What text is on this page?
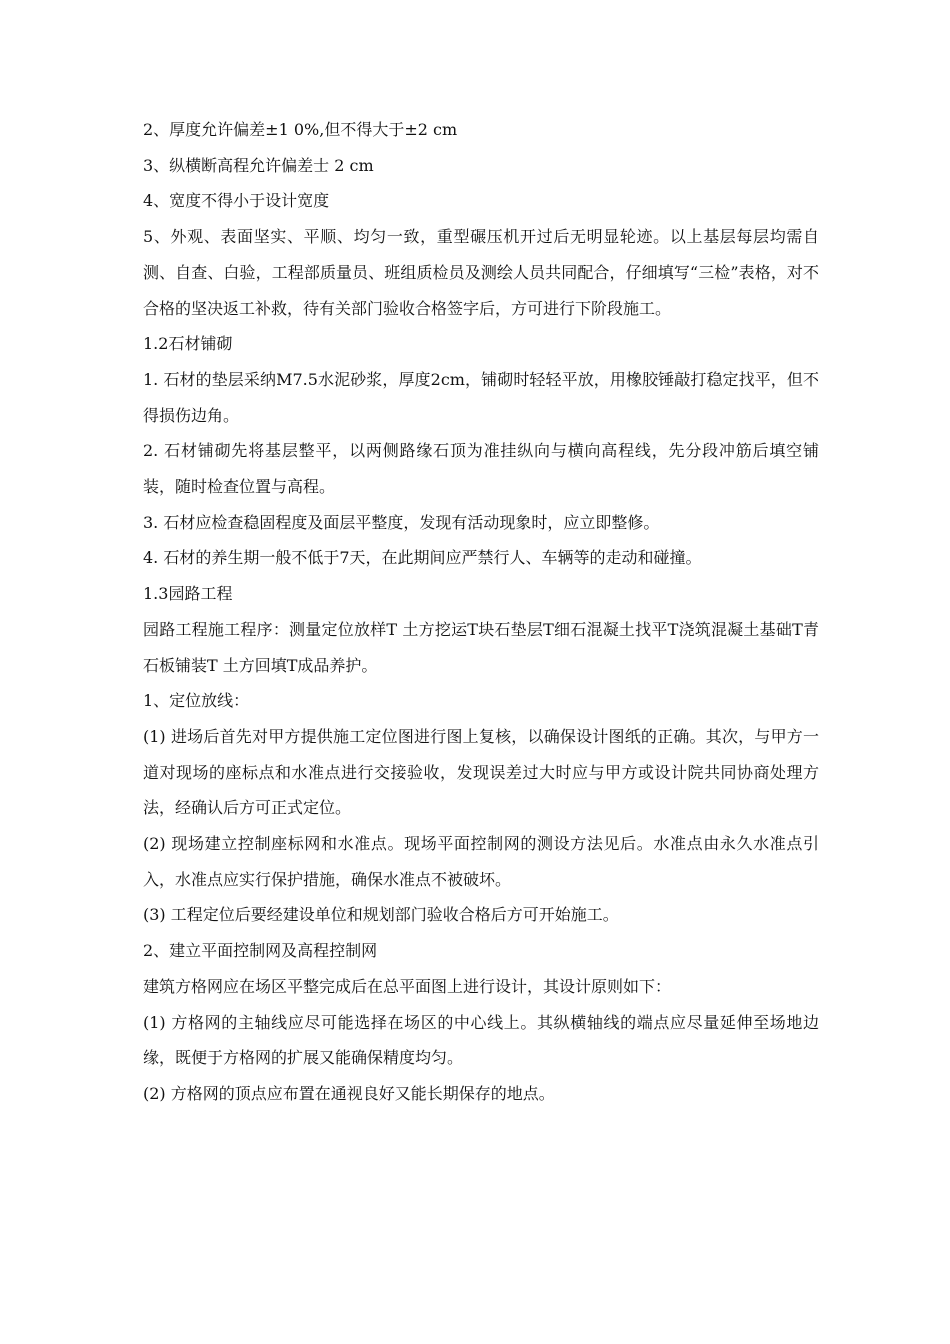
2、厚度允许偏差±1 0%,但不得大于±2 cm

3、纵横断高程允许偏差士 2 cm

4、宽度不得小于设计宽度

5、外观、表面坚实、平顺、均匀一致，重型碾压机开过后无明显轮迹。以上基层每层均需自测、自查、白验，工程部质量员、班组质检员及测绘人员共同配合，仔细填写“三检”表格，对不合格的坚决返工补救，待有关部门验收合格签字后，方可进行下阶段施工。

1.2石材铺砌

1. 石材的垫层采纳M7.5水泥砂浆，厚度2cm，铺砌时轻轻平放，用橡胶锤敲打稳定找平，但不得损伤边角。

2. 石材铺砌先将基层整平，以两侧路缘石顶为准挂纵向与横向高程线，先分段冲筋后填空铺装，随时检查位置与高程。

3. 石材应检查稳固程度及面层平整度，发现有活动现象时，应立即整修。

4. 石材的养生期一般不低于7天，在此期间应严禁行人、车辆等的走动和碰撞。

1.3园路工程

园路工程施工程序：测量定位放样T 土方挖运T块石垫层T细石混凝土找平T浇筑混凝土基础T青石板铺装T 土方回填T成品养护。

1、定位放线：

(1) 进场后首先对甲方提供施工定位图进行图上复核，以确保设计图纸的正确。其次，与甲方一道对现场的座标点和水准点进行交接验收，发现误差过大时应与甲方或设计院共同协商处理方法，经确认后方可正式定位。

(2) 现场建立控制座标网和水准点。现场平面控制网的测设方法见后。水准点由永久水准点引入，水准点应实行保护措施，确保水准点不被破坏。

(3) 工程定位后要经建设单位和规划部门验收合格后方可开始施工。

2、建立平面控制网及高程控制网

建筑方格网应在场区平整完成后在总平面图上进行设计，其设计原则如下：

(1) 方格网的主轴线应尽可能选择在场区的中心线上。其纵横轴线的端点应尽量延伸至场地边缘，既便于方格网的扩展又能确保精度均匀。

(2) 方格网的顶点应布置在通视良好又能长期保存的地点。
